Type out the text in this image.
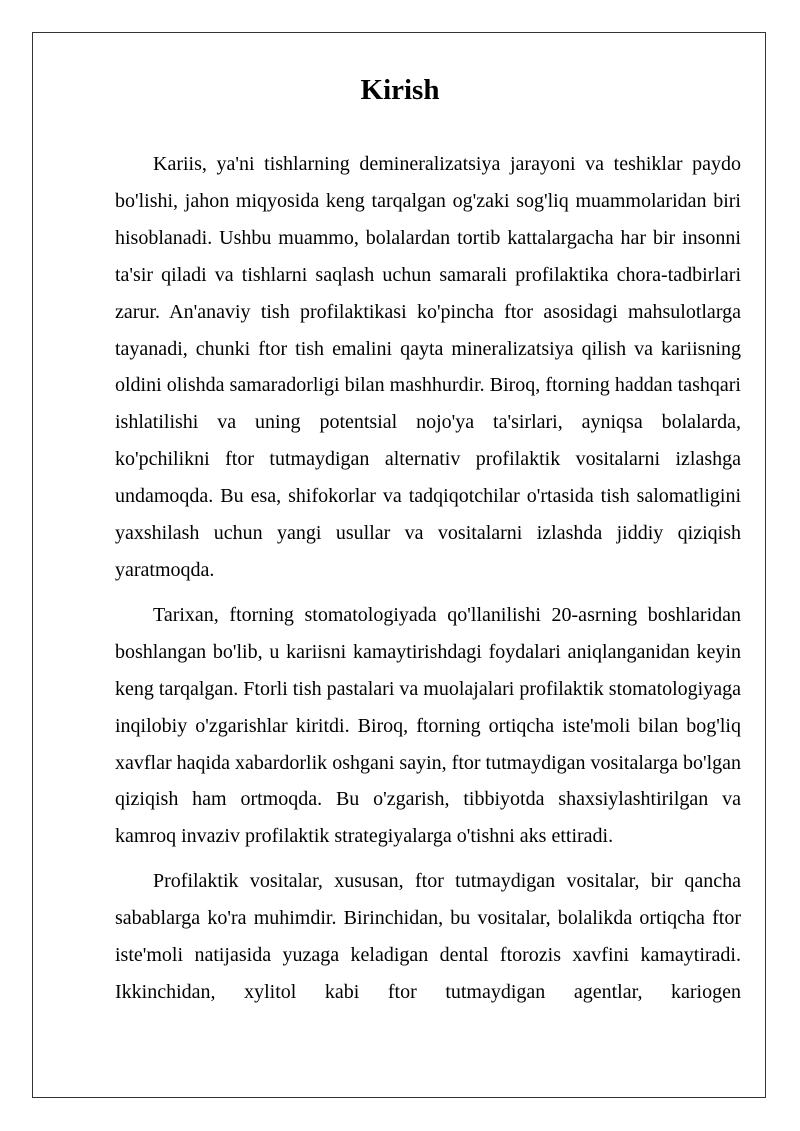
Kirish

Kariis, ya'ni tishlarning demineralizatsiya jarayoni va teshiklar paydo bo'lishi, jahon miqyosida keng tarqalgan og'zaki sog'liq muammolaridan biri hisoblanadi. Ushbu muammo, bolalardan tortib kattalargacha har bir insonni ta'sir qiladi va tishlarni saqlash uchun samarali profilaktika chora-tadbirlari zarur. An'anaviy tish profilaktikasi ko'pincha ftor asosidagi mahsulotlarga tayanadi, chunki ftor tish emalini qayta mineralizatsiya qilish va kariisning oldini olishda samaradorligi bilan mashhurdir. Biroq, ftorning haddan tashqari ishlatilishi va uning potentsial nojo'ya ta'sirlari, ayniqsa bolalarda, ko'pchilikni ftor tutmaydigan alternativ profilaktik vositalarni izlashga undamoqda. Bu esa, shifokorlar va tadqiqotchilar o'rtasida tish salomatligini yaxshilash uchun yangi usullar va vositalarni izlashda jiddiy qiziqish yaratmoqda.

Tarixan, ftorning stomatologiyada qo'llanilishi 20-asrning boshlaridan boshlangan bo'lib, u kariisni kamaytirishdagi foydalari aniqlanganidan keyin keng tarqalgan. Ftorli tish pastalari va muolajalari profilaktik stomatologiyaga inqilobiy o'zgarishlar kiritdi. Biroq, ftorning ortiqcha iste'moli bilan bog'liq xavflar haqida xabardorlik oshgani sayin, ftor tutmaydigan vositalarga bo'lgan qiziqish ham ortmoqda. Bu o'zgarish, tibbiyotda shaxsiylashtirilgan va kamroq invaziv profilaktik strategiyalarga o'tishni aks ettiradi.

Profilaktik vositalar, xususan, ftor tutmaydigan vositalar, bir qancha sabablarga ko'ra muhimdir. Birinchidan, bu vositalar, bolalikda ortiqcha ftor iste'moli natijasida yuzaga keladigan dental ftorozis xavfini kamaytiradi. Ikkinchidan, xylitol kabi ftor tutmaydigan agentlar, kariogen
